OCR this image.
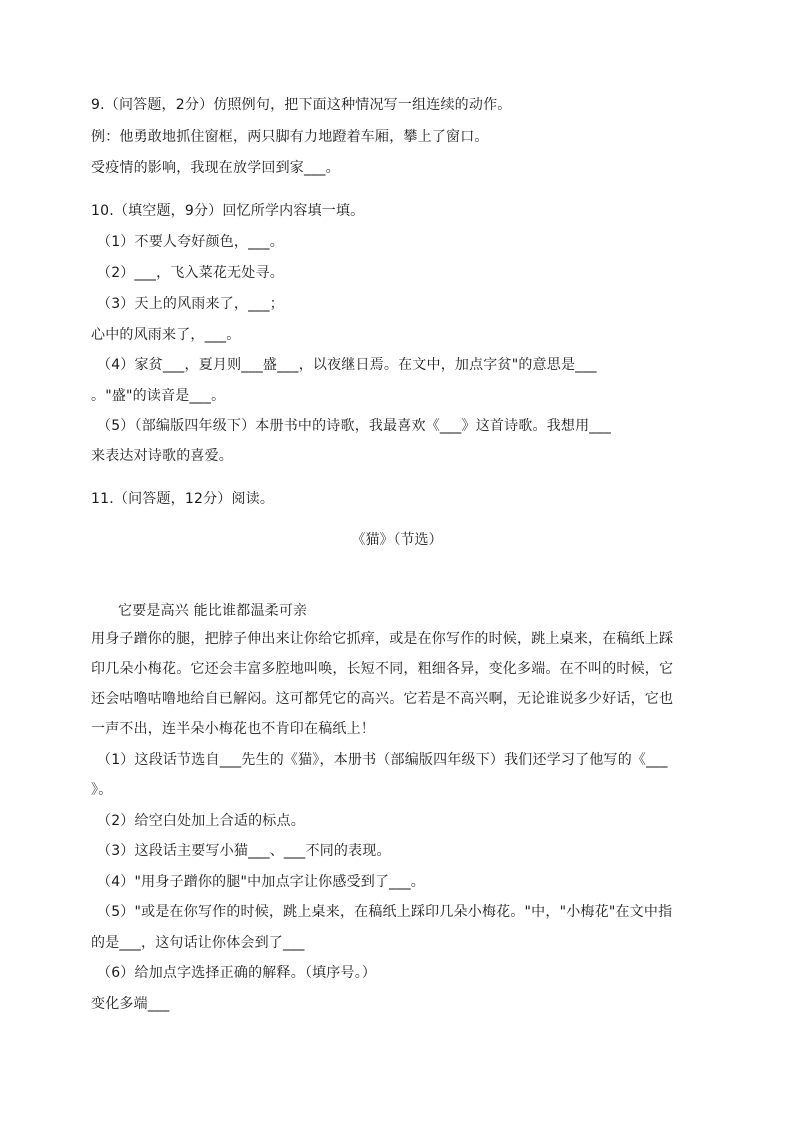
9.（问答题，2分）仿照例句，把下面这种情况写一组连续的动作。
例：他勇敢地抓住窗框，两只脚有力地蹬着车厢，攀上了窗口。
受疫情的影响，我现在放学回到家___。
10.（填空题，9分）回忆所学内容填一填。
（1）不要人夸好颜色，___。
（2）___，飞入菜花无处寻。
（3）天上的风雨来了，___；
心中的风雨来了，___。
（4）家贫___，夏月则___盛___，以夜继日焉。在文中，加点字贫"的意思是___
。"盛"的读音是___。
（5）（部编版四年级下）本册书中的诗歌，我最喜欢《___》这首诗歌。我想用___
来表达对诗歌的喜爱。
11.（问答题，12分）阅读。
《猫》（节选）
它要是高兴 能比谁都温柔可亲
用身子蹭你的腿，把脖子伸出来让你给它抓痒，或是在你写作的时候，跳上桌来，在稿纸上踩
印几朵小梅花。它还会丰富多腔地叫唤，长短不同，粗细各异，变化多端。在不叫的时候，它
还会咕噜咕噜地给自已解闷。这可都凭它的高兴。它若是不高兴啊，无论谁说多少好话，它也
一声不出，连半朵小梅花也不肯印在稿纸上！
（1）这段话节选自___先生的《猫》，本册书（部编版四年级下）我们还学习了他写的《___
》。
（2）给空白处加上合适的标点。
（3）这段话主要写小猫___、___不同的表现。
（4）"用身子蹭你的腿"中加点字让你感受到了___。
（5）"或是在你写作的时候，跳上桌来，在稿纸上踩印几朵小梅花。"中，"小梅花"在文中指
的是___，这句话让你体会到了___
（6）给加点字选择正确的解释。（填序号。）
变化多端___
